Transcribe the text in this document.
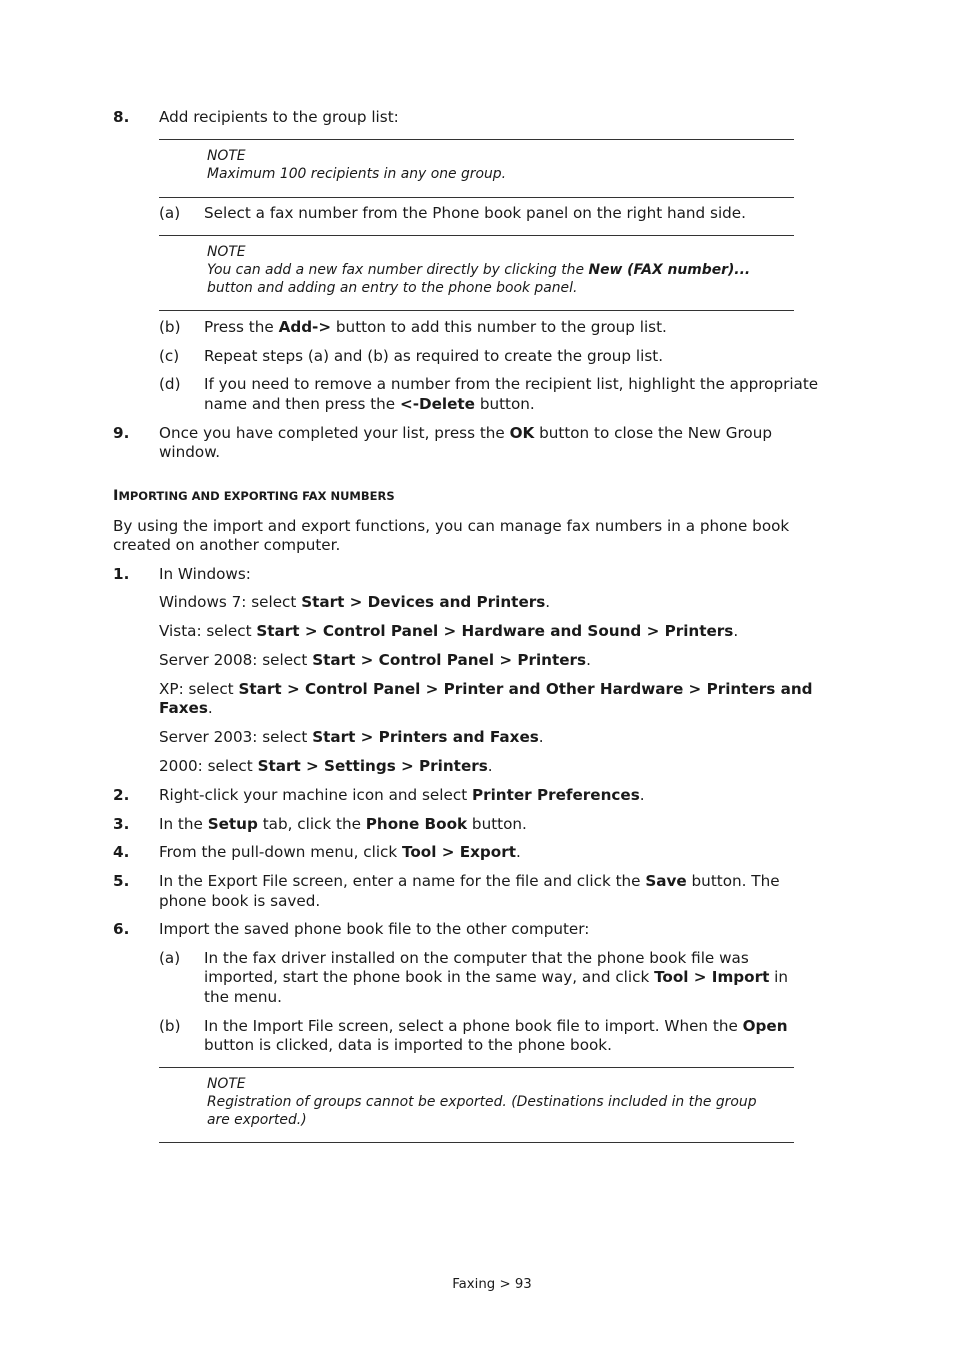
8. Add recipients to the group list:
NOTE
Maximum 100 recipients in any one group.
(a) Select a fax number from the Phone book panel on the right hand side.
NOTE
You can add a new fax number directly by clicking the New (FAX number)...
button and adding an entry to the phone book panel.
(b) Press the Add-> button to add this number to the group list.
(c) Repeat steps (a) and (b) as required to create the group list.
(d) If you need to remove a number from the recipient list, highlight the appropriate
name and then press the <-Delete button.
9. Once you have completed your list, press the OK button to close the New Group
window.
IMPORTING AND EXPORTING FAX NUMBERS
By using the import and export functions, you can manage fax numbers in a phone book
created on another computer.
1. In Windows:
Windows 7: select Start > Devices and Printers.
Vista: select Start > Control Panel > Hardware and Sound > Printers.
Server 2008: select Start > Control Panel > Printers.
XP: select Start > Control Panel > Printer and Other Hardware > Printers and
Faxes.
Server 2003: select Start > Printers and Faxes.
2000: select Start > Settings > Printers.
2. Right-click your machine icon and select Printer Preferences.
3. In the Setup tab, click the Phone Book button.
4. From the pull-down menu, click Tool > Export.
5. In the Export File screen, enter a name for the file and click the Save button. The
phone book is saved.
6. Import the saved phone book file to the other computer:
(a) In the fax driver installed on the computer that the phone book file was
imported, start the phone book in the same way, and click Tool > Import in
the menu.
(b) In the Import File screen, select a phone book file to import. When the Open
button is clicked, data is imported to the phone book.
NOTE
Registration of groups cannot be exported. (Destinations included in the group
are exported.)
Faxing > 93
